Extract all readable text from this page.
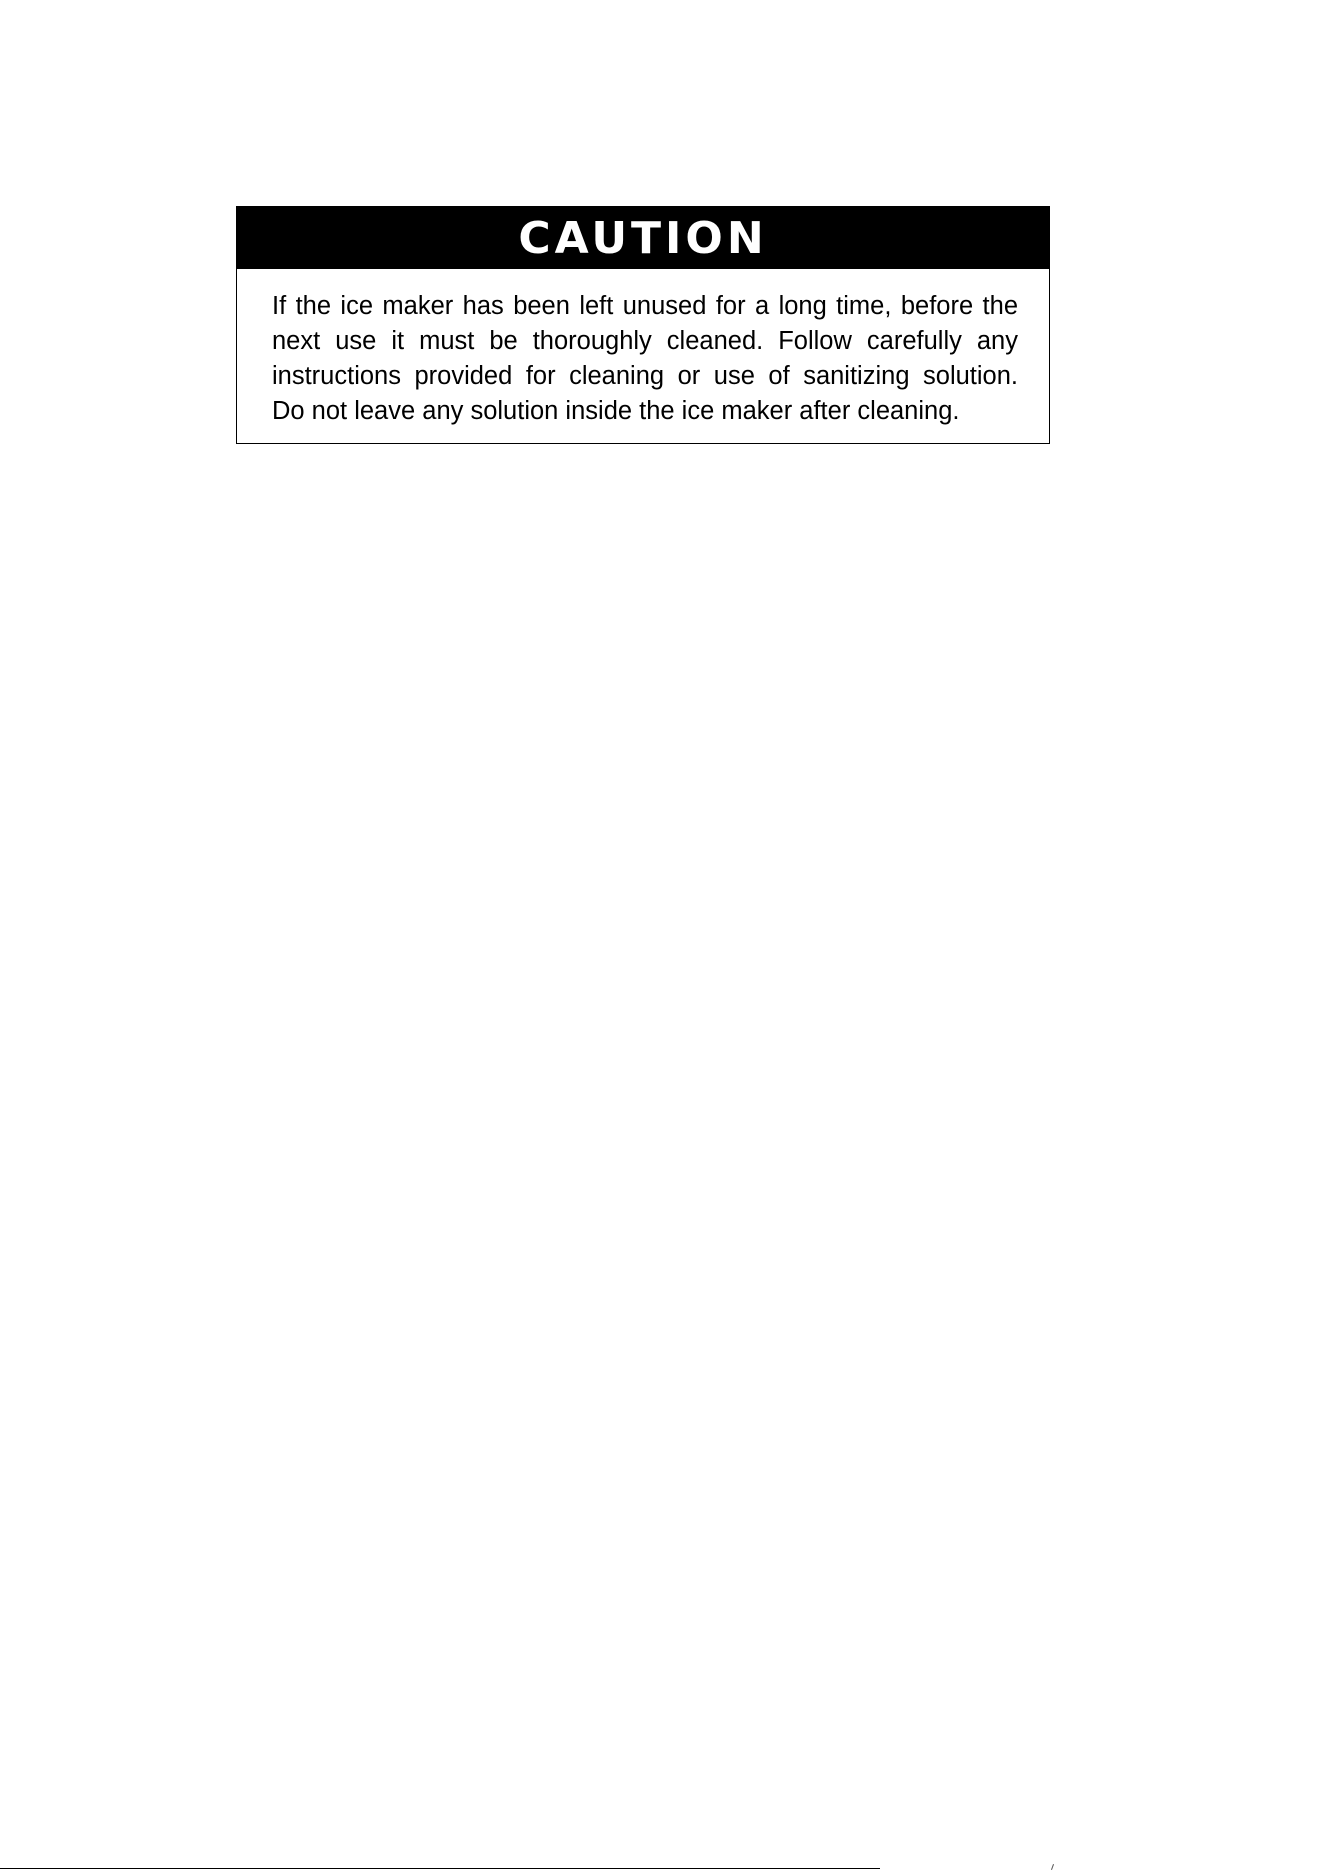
CAUTION
If the ice maker has been left unused for a long time, before the
next use it must be thoroughly cleaned. Follow carefully any
instructions provided for cleaning or use of sanitizing solution.
Do not leave any solution inside the ice maker after cleaning.
